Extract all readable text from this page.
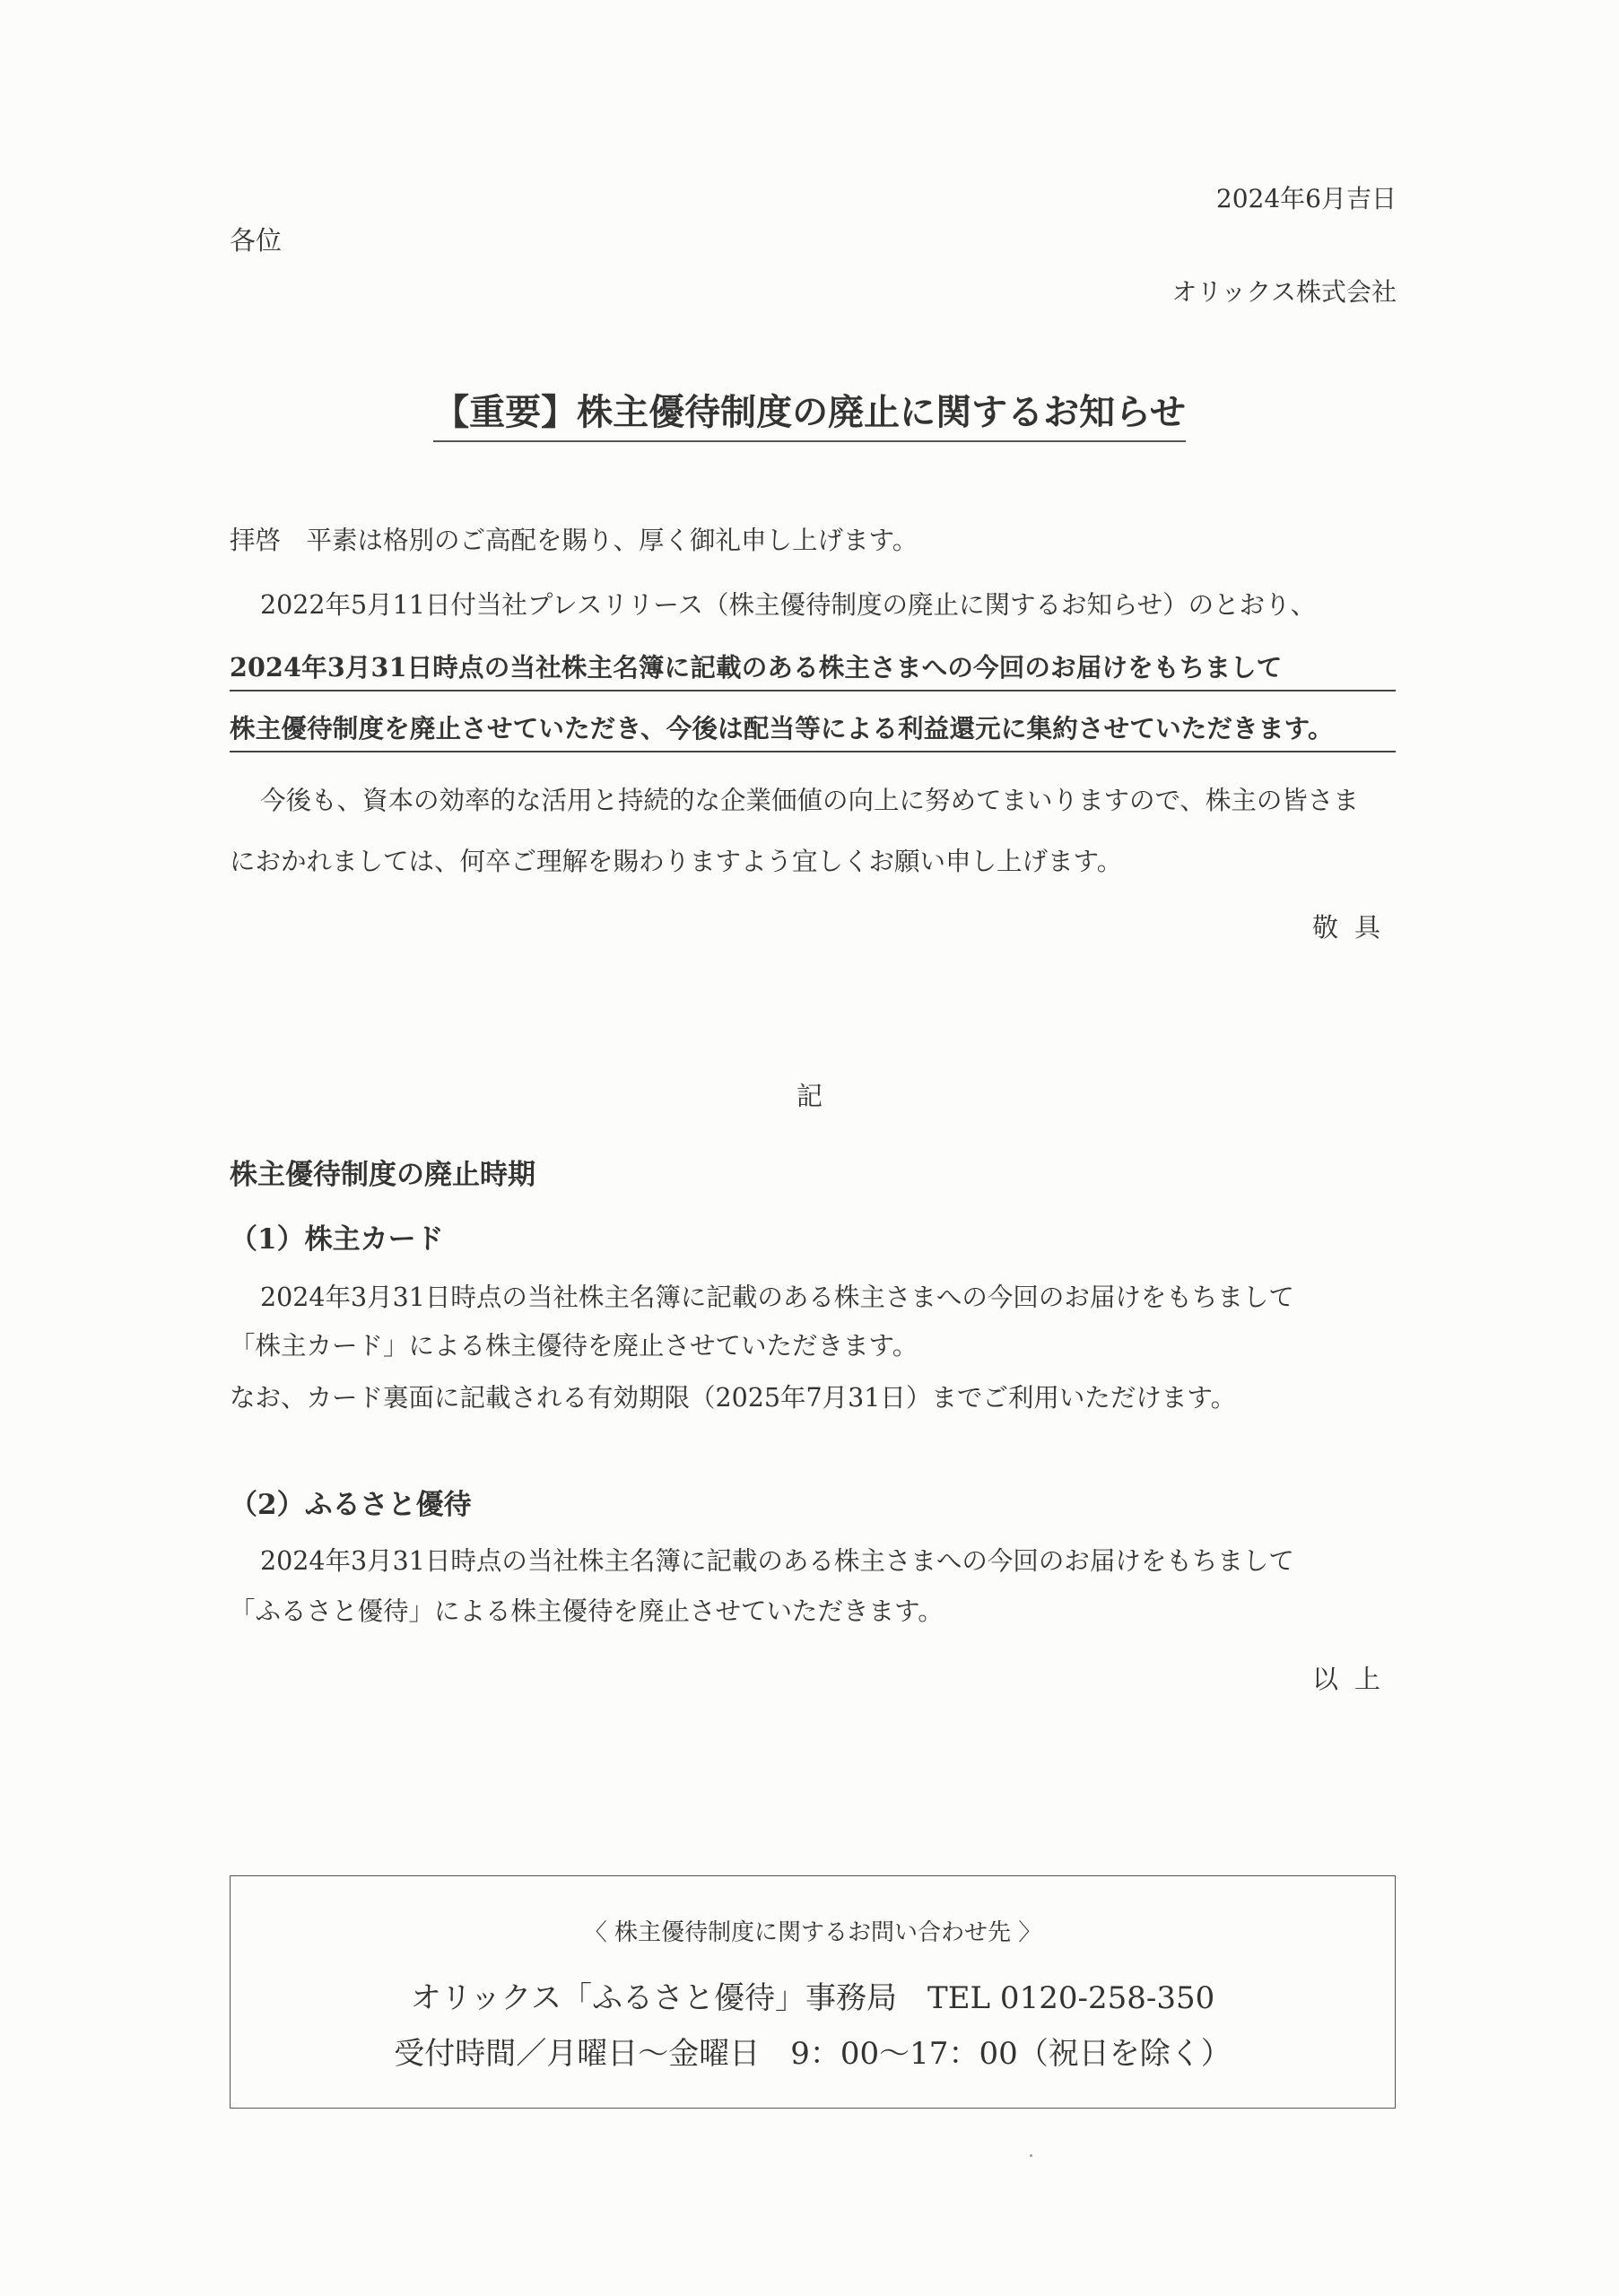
2024年6月吉日
各位
オリックス株式会社
【重要】株主優待制度の廃止に関するお知らせ
拝啓　平素は格別のご高配を賜り、厚く御礼申し上げます。
2022年5月11日付当社プレスリリース（株主優待制度の廃止に関するお知らせ）のとおり、
2024年3月31日時点の当社株主名簿に記載のある株主さまへの今回のお届けをもちまして
株主優待制度を廃止させていただき、今後は配当等による利益還元に集約させていただきます。
今後も、資本の効率的な活用と持続的な企業価値の向上に努めてまいりますので、株主の皆さま
におかれましては、何卒ご理解を賜わりますよう宜しくお願い申し上げます。
敬具
記
株主優待制度の廃止時期
（1）株主カード
2024年3月31日時点の当社株主名簿に記載のある株主さまへの今回のお届けをもちまして
「株主カード」による株主優待を廃止させていただきます。
なお、カード裏面に記載される有効期限（2025年7月31日）までご利用いただけます。
（2）ふるさと優待
2024年3月31日時点の当社株主名簿に記載のある株主さまへの今回のお届けをもちまして
「ふるさと優待」による株主優待を廃止させていただきます。
以上
〈 株主優待制度に関するお問い合わせ先 〉
オリックス「ふるさと優待」事務局　TEL 0120-258-350
受付時間／月曜日～金曜日　9：00～17：00（祝日を除く）
